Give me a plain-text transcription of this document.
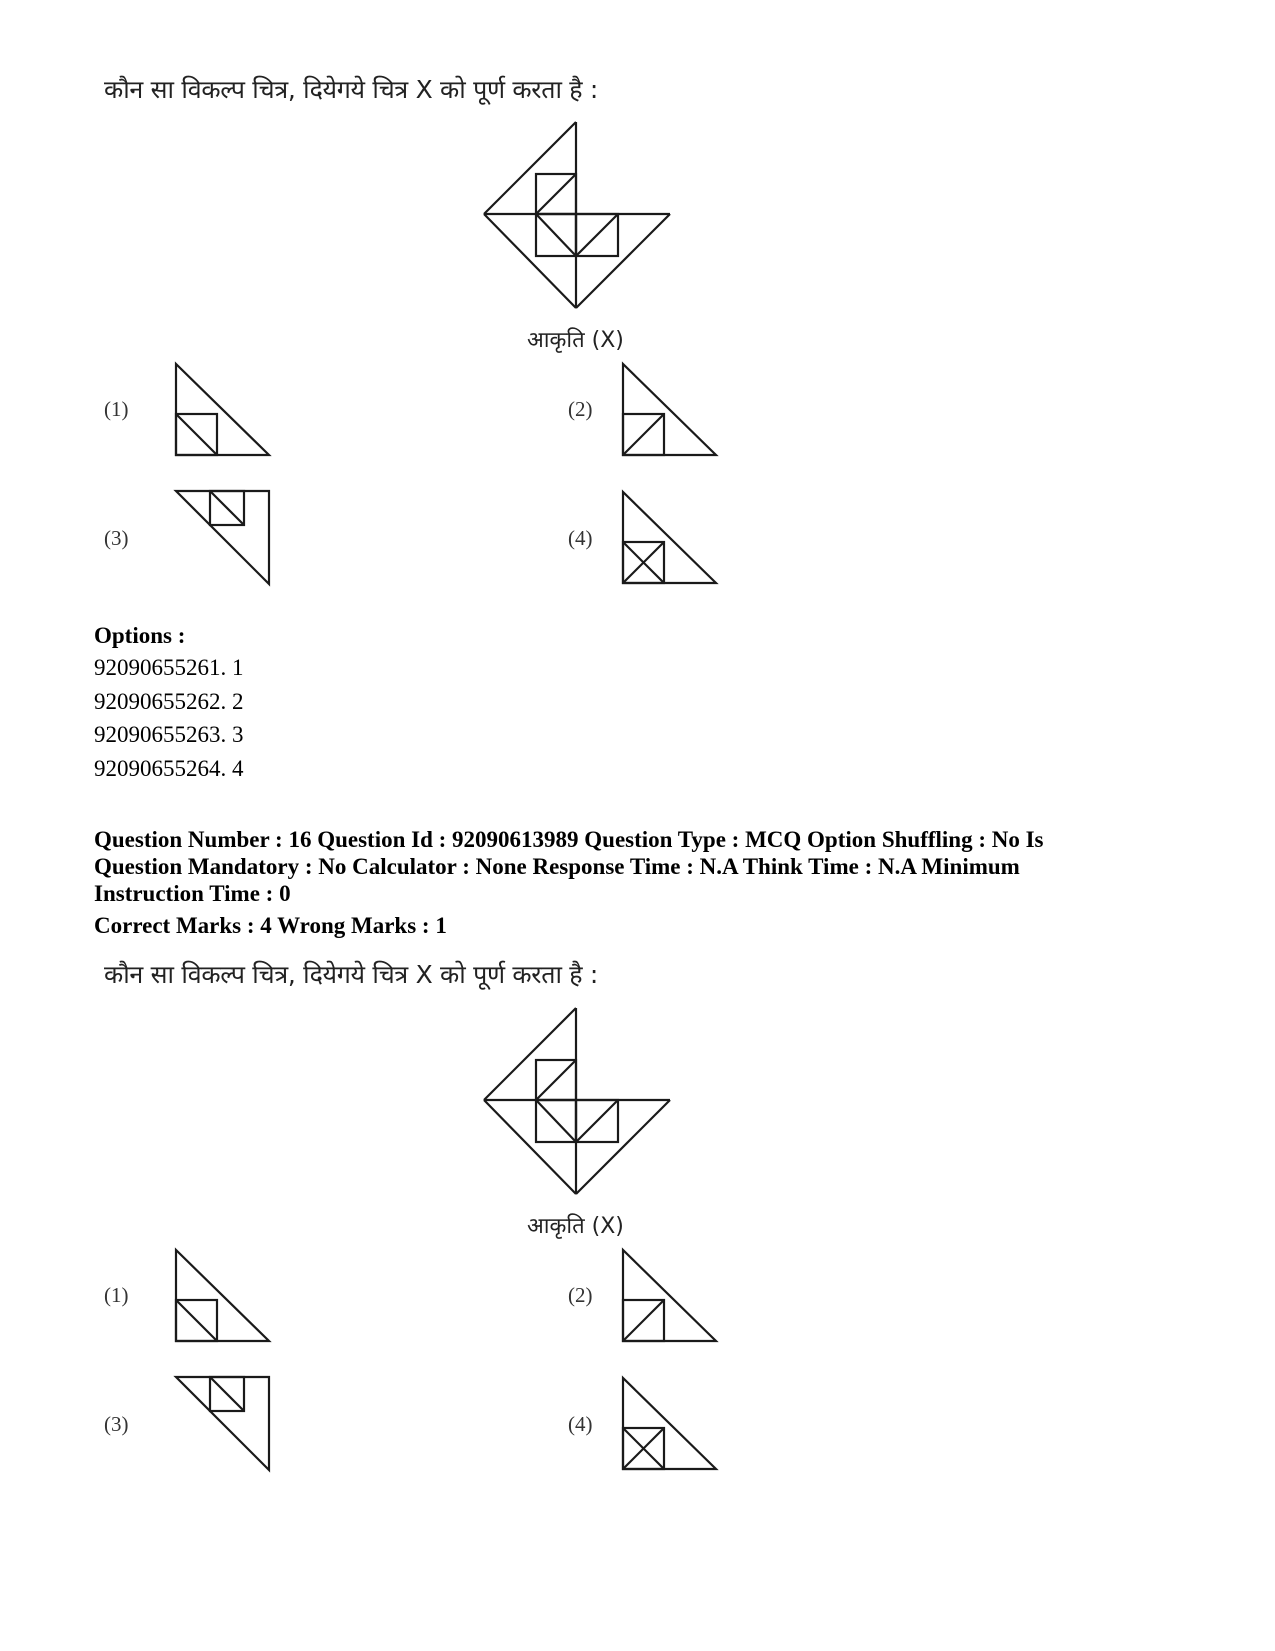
कौन सा विकल्प चित्र, दियेगये चित्र X को पूर्ण करता है :
आकृति (X)
(1)	(2)
(3)	(4)
Options :
92090655261. 1
92090655262. 2
92090655263. 3
92090655264. 4
Question Number : 16 Question Id : 92090613989 Question Type : MCQ Option Shuffling : No Is
Question Mandatory : No Calculator : None Response Time : N.A Think Time : N.A Minimum
Instruction Time : 0
Correct Marks : 4 Wrong Marks : 1
कौन सा विकल्प चित्र, दियेगये चित्र X को पूर्ण करता है :
आकृति (X)
(1)	(2)
(3)	(4)
